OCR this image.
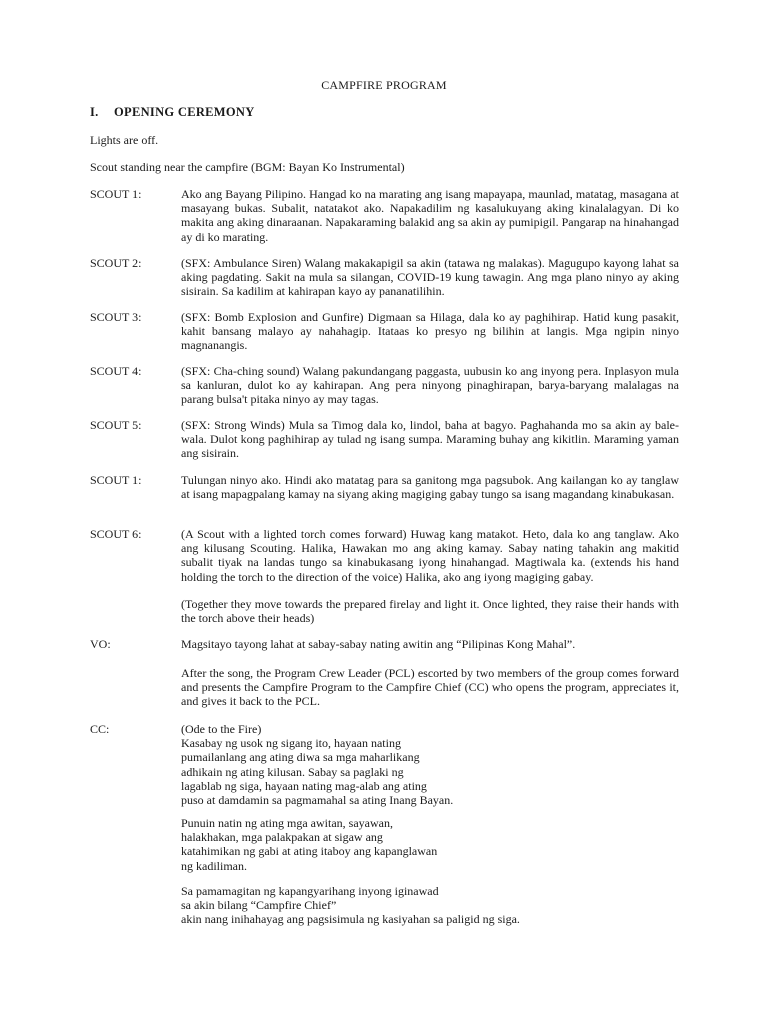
CAMPFIRE PROGRAM
I. OPENING CEREMONY
Lights are off.
Scout standing near the campfire (BGM: Bayan Ko Instrumental)
SCOUT 1:	Ako ang Bayang Pilipino. Hangad ko na marating ang isang mapayapa, maunlad, matatag, masagana at masayang bukas. Subalit, natatakot ako. Napakadilim ng kasalukuyang aking kinalalagyan. Di ko makita ang aking dinaraanan. Napakaraming balakid ang sa akin ay pumipigil. Pangarap na hinahangad ay di ko marating.
SCOUT 2:	(SFX: Ambulance Siren) Walang makakapigil sa akin (tatawa ng malakas). Magugupo kayong lahat sa aking pagdating. Sakit na mula sa silangan, COVID-19 kung tawagin. Ang mga plano ninyo ay aking sisirain. Sa kadilim at kahirapan kayo ay pananatilihin.
SCOUT 3:	(SFX: Bomb Explosion and Gunfire) Digmaan sa Hilaga, dala ko ay paghihirap. Hatid kung pasakit, kahit bansang malayo ay nahahagip. Itataas ko presyo ng bilihin at langis. Mga ngipin ninyo magnanangis.
SCOUT 4:	(SFX: Cha-ching sound) Walang pakundangang paggasta, uubusin ko ang inyong pera. Inplasyon mula sa kanluran, dulot ko ay kahirapan. Ang pera ninyong pinaghirapan, barya-baryang malalagas na parang bulsa't pitaka ninyo ay may tagas.
SCOUT 5:	(SFX: Strong Winds) Mula sa Timog dala ko, lindol, baha at bagyo. Paghahanda mo sa akin ay bale-wala. Dulot kong paghihirap ay tulad ng isang sumpa. Maraming buhay ang kikitlin. Maraming yaman ang sisirain.
SCOUT 1:	Tulungan ninyo ako. Hindi ako matatag para sa ganitong mga pagsubok. Ang kailangan ko ay tanglaw at isang mapagpalang kamay na siyang aking magiging gabay tungo sa isang magandang kinabukasan.
SCOUT 6:	(A Scout with a lighted torch comes forward) Huwag kang matakot. Heto, dala ko ang tanglaw. Ako ang kilusang Scouting. Halika, Hawakan mo ang aking kamay. Sabay nating tahakin ang makitid subalit tiyak na landas tungo sa kinabukasang iyong hinahangad. Magtiwala ka. (extends his hand holding the torch to the direction of the voice) Halika, ako ang iyong magiging gabay.
(Together they move towards the prepared firelay and light it. Once lighted, they raise their hands with the torch above their heads)
VO:	Magsitayo tayong lahat at sabay-sabay nating awitin ang “Pilipinas Kong Mahal”.
After the song, the Program Crew Leader (PCL) escorted by two members of the group comes forward and presents the Campfire Program to the Campfire Chief (CC) who opens the program, appreciates it, and gives it back to the PCL.
CC:	(Ode to the Fire)
Kasabay ng usok ng sigang ito, hayaan nating
pumailanlang ang ating diwa sa mga maharlikang
adhikain ng ating kilusan. Sabay sa paglaki ng
lagablab ng siga, hayaan nating mag-alab ang ating
puso at damdamin sa pagmamahal sa ating Inang Bayan.
Punuin natin ng ating mga awitan, sayawan,
halakhakan, mga palakpakan at sigaw ang
katahimikan ng gabi at ating itaboy ang kapanglawan
ng kadiliman.
Sa pamamagitan ng kapangyarihang inyong iginawad
sa akin bilang “Campfire Chief”
akin nang inihahayag ang pagsisimula ng kasiyahan sa paligid ng siga.
